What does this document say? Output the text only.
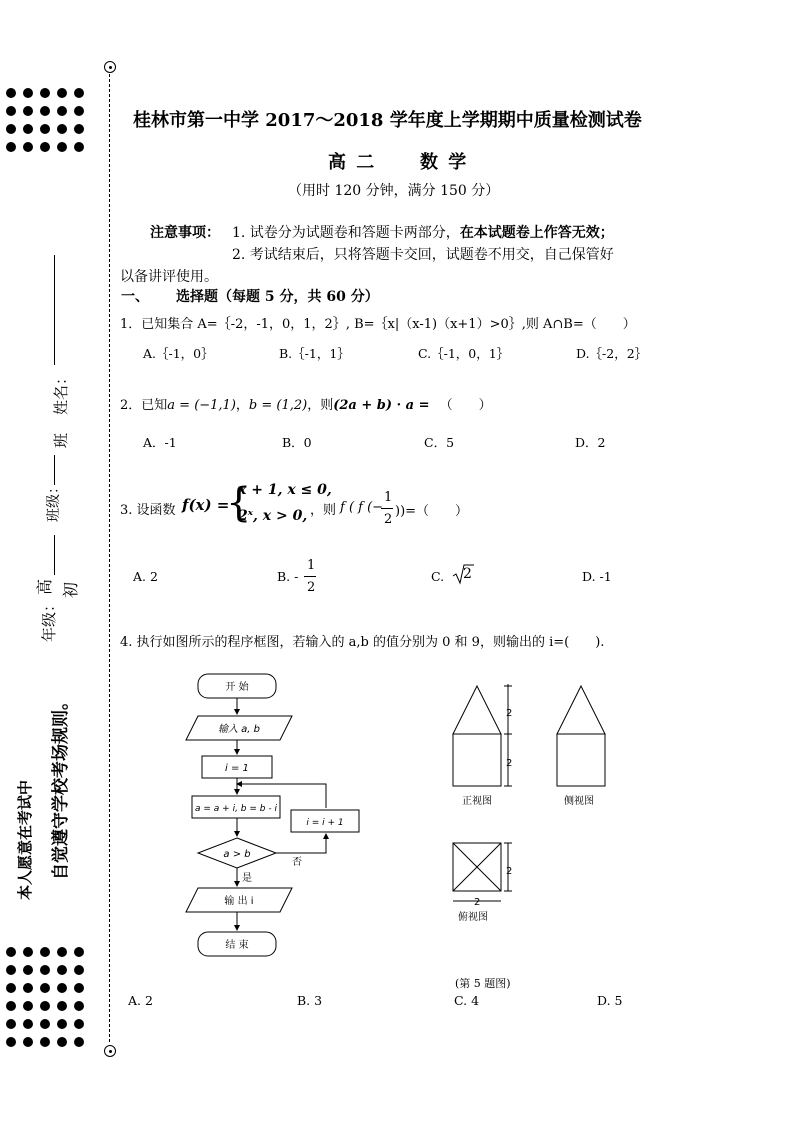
姓名：
班
班级：
高 初
年级：
本人愿意在考试中 自觉遵守学校考场规则。
桂林市第一中学 2017～2018 学年度上学期期中质量检测试卷
高 二 数 学
（用时 120 分钟，满分 150 分）
注意事项： 1. 试卷分为试题卷和答题卡两部分，在本试题卷上作答无效；
2. 考试结束后，只将答题卡交回，试题卷不用交，自己保管好
以备讲评使用。
一、 选择题（每题 5 分，共 60 分）
1．已知集合 A=｛-2，-1，0，1，2｝, B=｛x|（x-1)（x+1）>0｝,则 A∩B=（　　）
A.｛-1，0｝	B.｛-1，1｝	C.｛-1，0，1｝	D.｛-2，2｝
2．已知a = (−1,1)，b = (1,2)，则(2a + b) · a = （　　）
A．-1	B．0	C．5	D．2
3. 设函数 f(x) =
{
x + 1, x ≤ 0,
2ˣ, x > 0, ，则 f ( f (−
1
2
))=（　　）
A. 2	B. -
1
2
C. 2	D. -1
4. 执行如图所示的程序框图，若输入的 a,b 的值分别为 0 和 9，则输出的 i=(　　).
开 始
输入 a, b
i = 1
a = a + i, b = b - i
i = i + 1
a > b
否
是
输 出 i
结 束
2
2
正视图	侧视图
2
2
俯视图
(第 5 题图)
A. 2	B. 3	C. 4	D. 5
